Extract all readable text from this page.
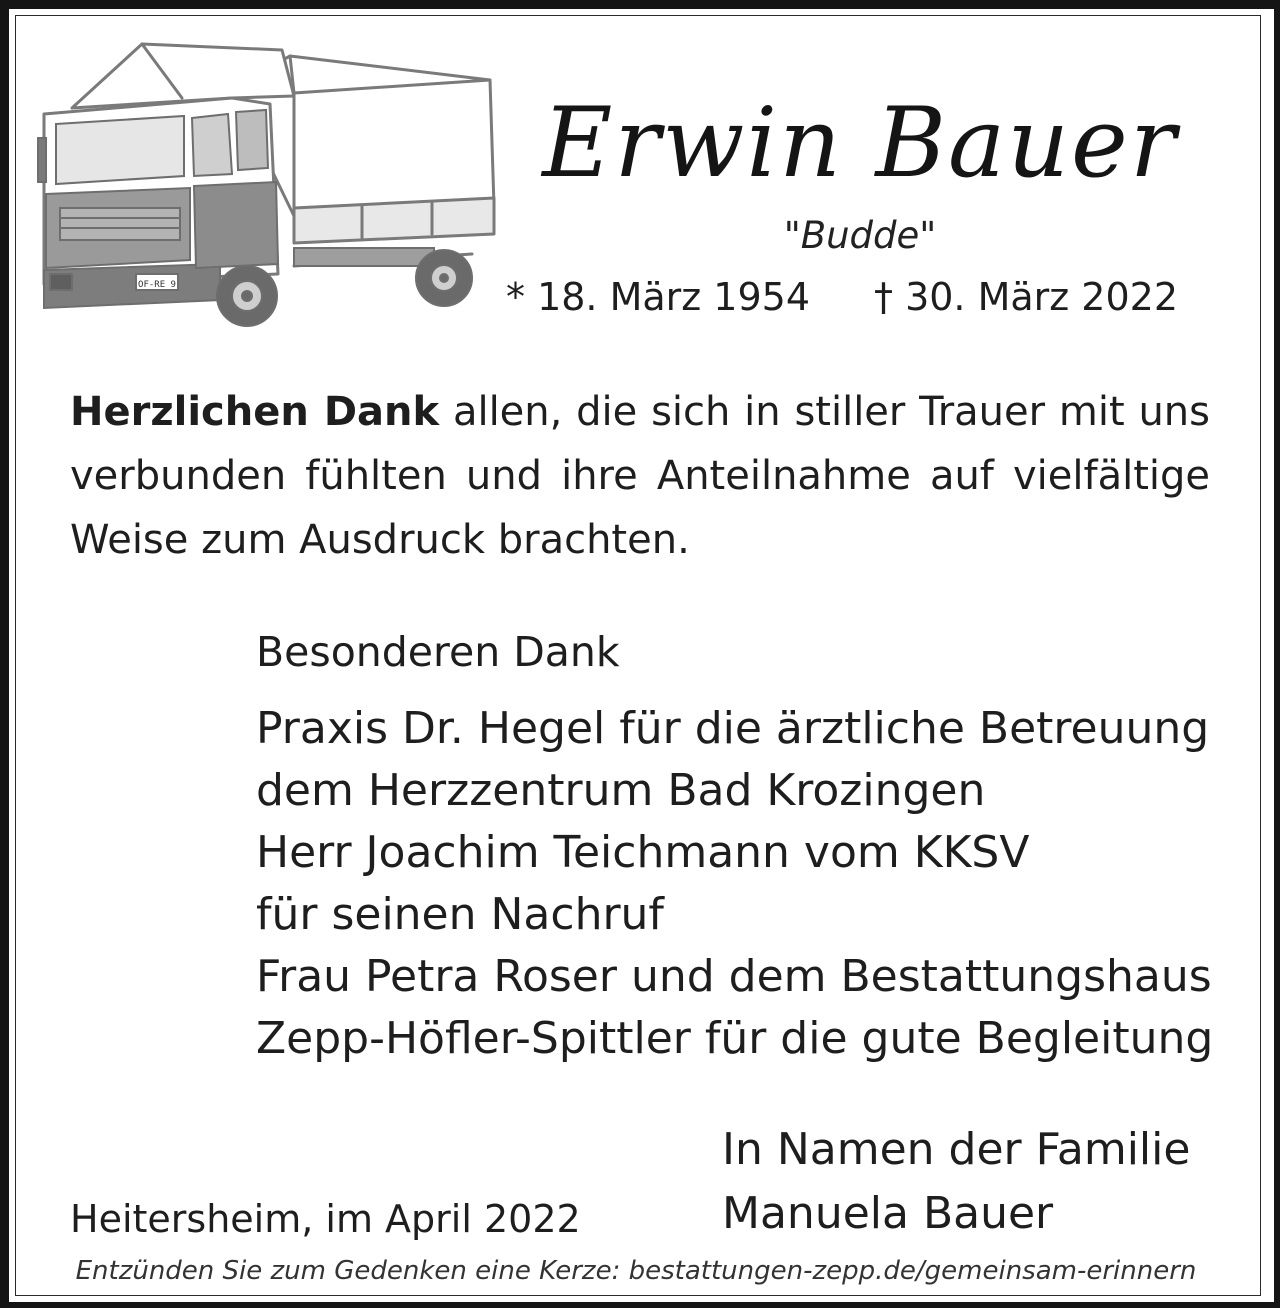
OF-RE 9
Erwin Bauer
"Budde"
* 18. März 1954 † 30. März 2022
Herzlichen Dank allen, die sich in stiller Trauer mit uns verbunden fühlten und ihre Anteilnahme auf vielfältige Weise zum Ausdruck brachten.
Besonderen Dank
Praxis Dr. Hegel für die ärztliche Betreuung
dem Herzzentrum Bad Krozingen
Herr Joachim Teichmann vom KKSV
für seinen Nachruf
Frau Petra Roser und dem Bestattungshaus
Zepp-Höfler-Spittler für die gute Begleitung
In Namen der Familie
Manuela Bauer
Heitersheim, im April 2022
Entzünden Sie zum Gedenken eine Kerze: bestattungen-zepp.de/gemeinsam-erinnern
